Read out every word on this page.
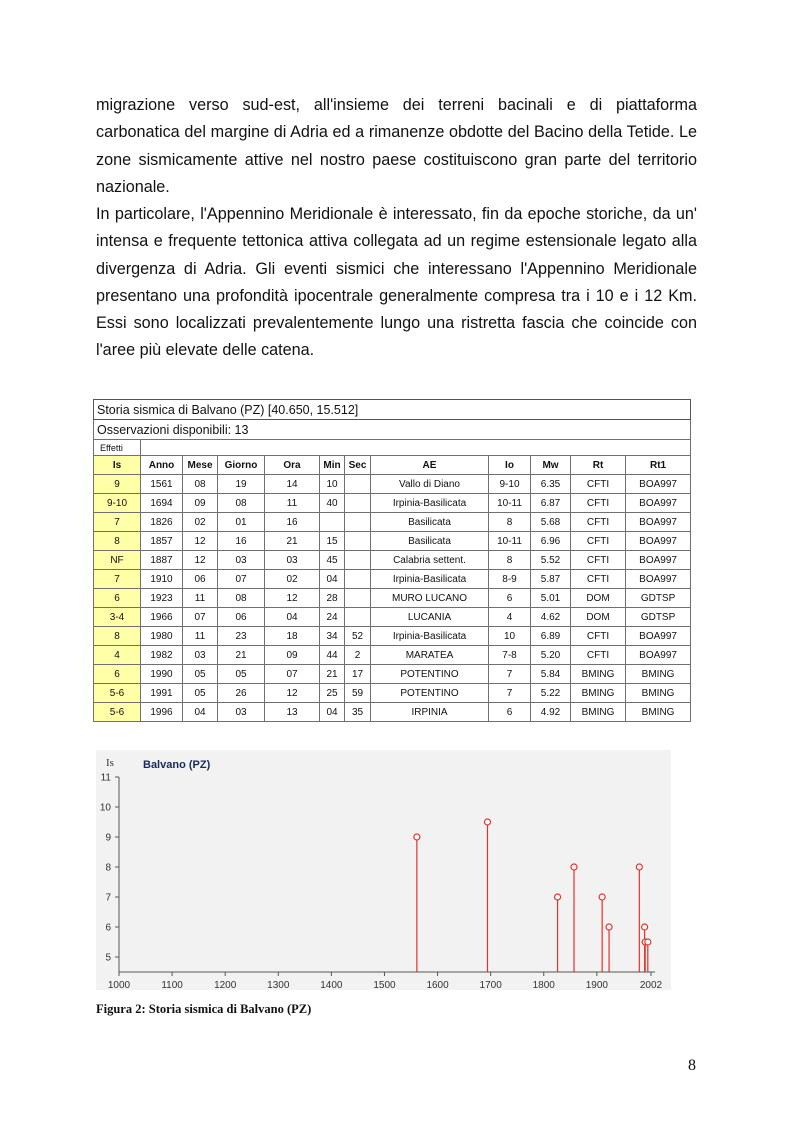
migrazione verso sud-est, all'insieme dei terreni bacinali e di piattaforma carbonatica del margine di Adria ed a rimanenze obdotte del Bacino della Tetide. Le zone sismicamente attive nel nostro paese costituiscono gran parte del territorio nazionale.

In particolare, l'Appennino Meridionale è interessato, fin da epoche storiche, da un' intensa e frequente tettonica attiva collegata ad un regime estensionale legato alla divergenza di Adria. Gli eventi sismici che interessano l'Appennino Meridionale presentano una profondità ipocentrale generalmente compresa tra i 10 e i 12 Km. Essi sono localizzati prevalentemente lungo una ristretta fascia che coincide con l'aree più elevate delle catena.

Storia sismica di Balvano (PZ) [40.650, 15.512]											
Osservazioni disponibili: 13											
Effetti											
Is	Anno	Mese	Giorno	Ora	Min	Sec	AE	Io	Mw	Rt	Rt1
9	1561	08	19	14	10		Vallo di Diano	9-10	6.35	CFTI	BOA997
9-10	1694	09	08	11	40		Irpinia-Basilicata	10-11	6.87	CFTI	BOA997
7	1826	02	01	16			Basilicata	8	5.68	CFTI	BOA997
8	1857	12	16	21	15		Basilicata	10-11	6.96	CFTI	BOA997
NF	1887	12	03	03	45		Calabria settent.	8	5.52	CFTI	BOA997
7	1910	06	07	02	04		Irpinia-Basilicata	8-9	5.87	CFTI	BOA997
6	1923	11	08	12	28		MURO LUCANO	6	5.01	DOM	GDTSP
3-4	1966	07	06	04	24		LUCANIA	4	4.62	DOM	GDTSP
8	1980	11	23	18	34	52	Irpinia-Basilicata	10	6.89	CFTI	BOA997
4	1982	03	21	09	44	2	MARATEA	7-8	5.20	CFTI	BOA997
6	1990	05	05	07	21	17	POTENTINO	7	5.84	BMING	BMING
5-6	1991	05	26	12	25	59	POTENTINO	7	5.22	BMING	BMING
5-6	1996	04	03	13	04	35	IRPINIA	6	4.92	BMING	BMING
Balvano (PZ)
Is
1000	1100	1200	1300	1400	1500	1600	1700	1800	1900	2002
5
6
7
8
9
10
11

Figura 2: Storia sismica di Balvano (PZ)

8
